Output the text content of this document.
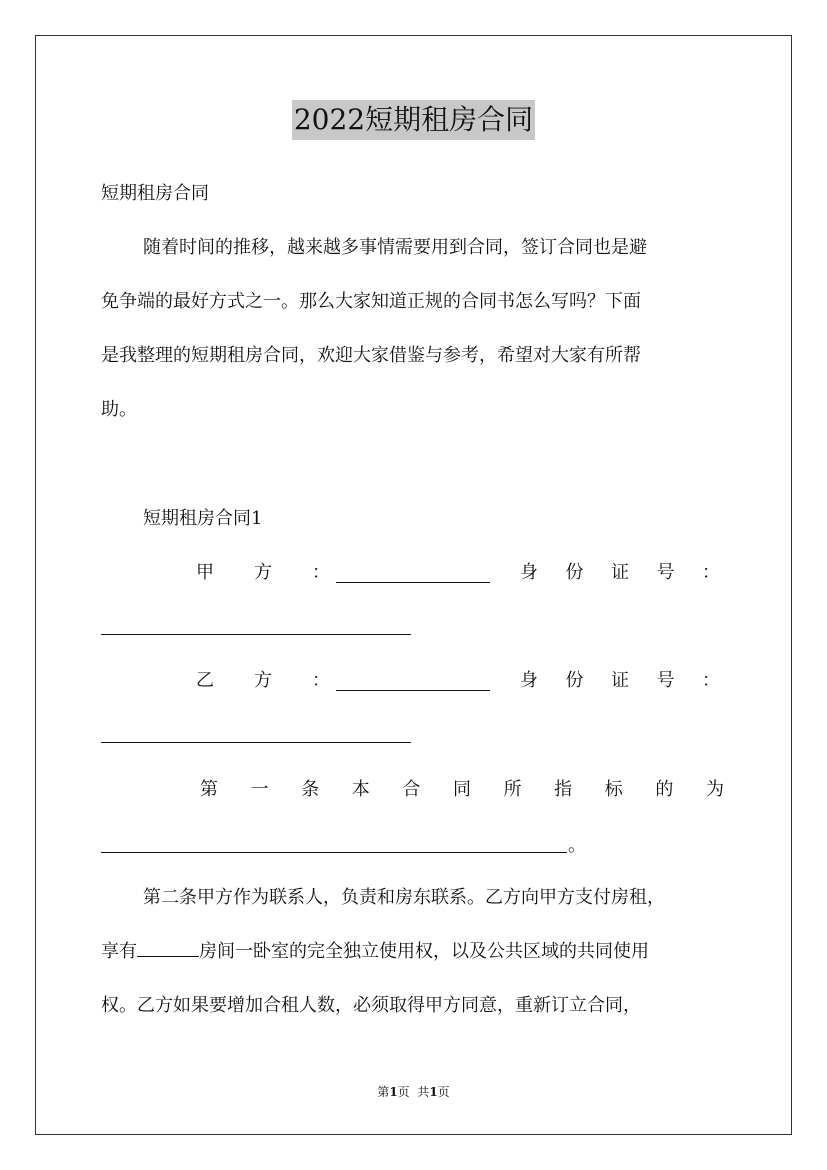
2022短期租房合同
短期租房合同
随着时间的推移，越来越多事情需要用到合同，签订合同也是避
免争端的最好方式之一。那么大家知道正规的合同书怎么写吗？下面
是我整理的短期租房合同，欢迎大家借鉴与参考，希望对大家有所帮
助。
短期租房合同1
甲 方 ：	身 份 证 号 ：
乙 方 ：	身 份 证 号 ：
第 一 条 本 合 同 所 指 标 的 为
。
第二条甲方作为联系人，负责和房东联系。乙方向甲方支付房租，
享有	房间一卧室的完全独立使用权，以及公共区域的共同使用
权。乙方如果要增加合租人数，必须取得甲方同意，重新订立合同，
第1页  共1页
